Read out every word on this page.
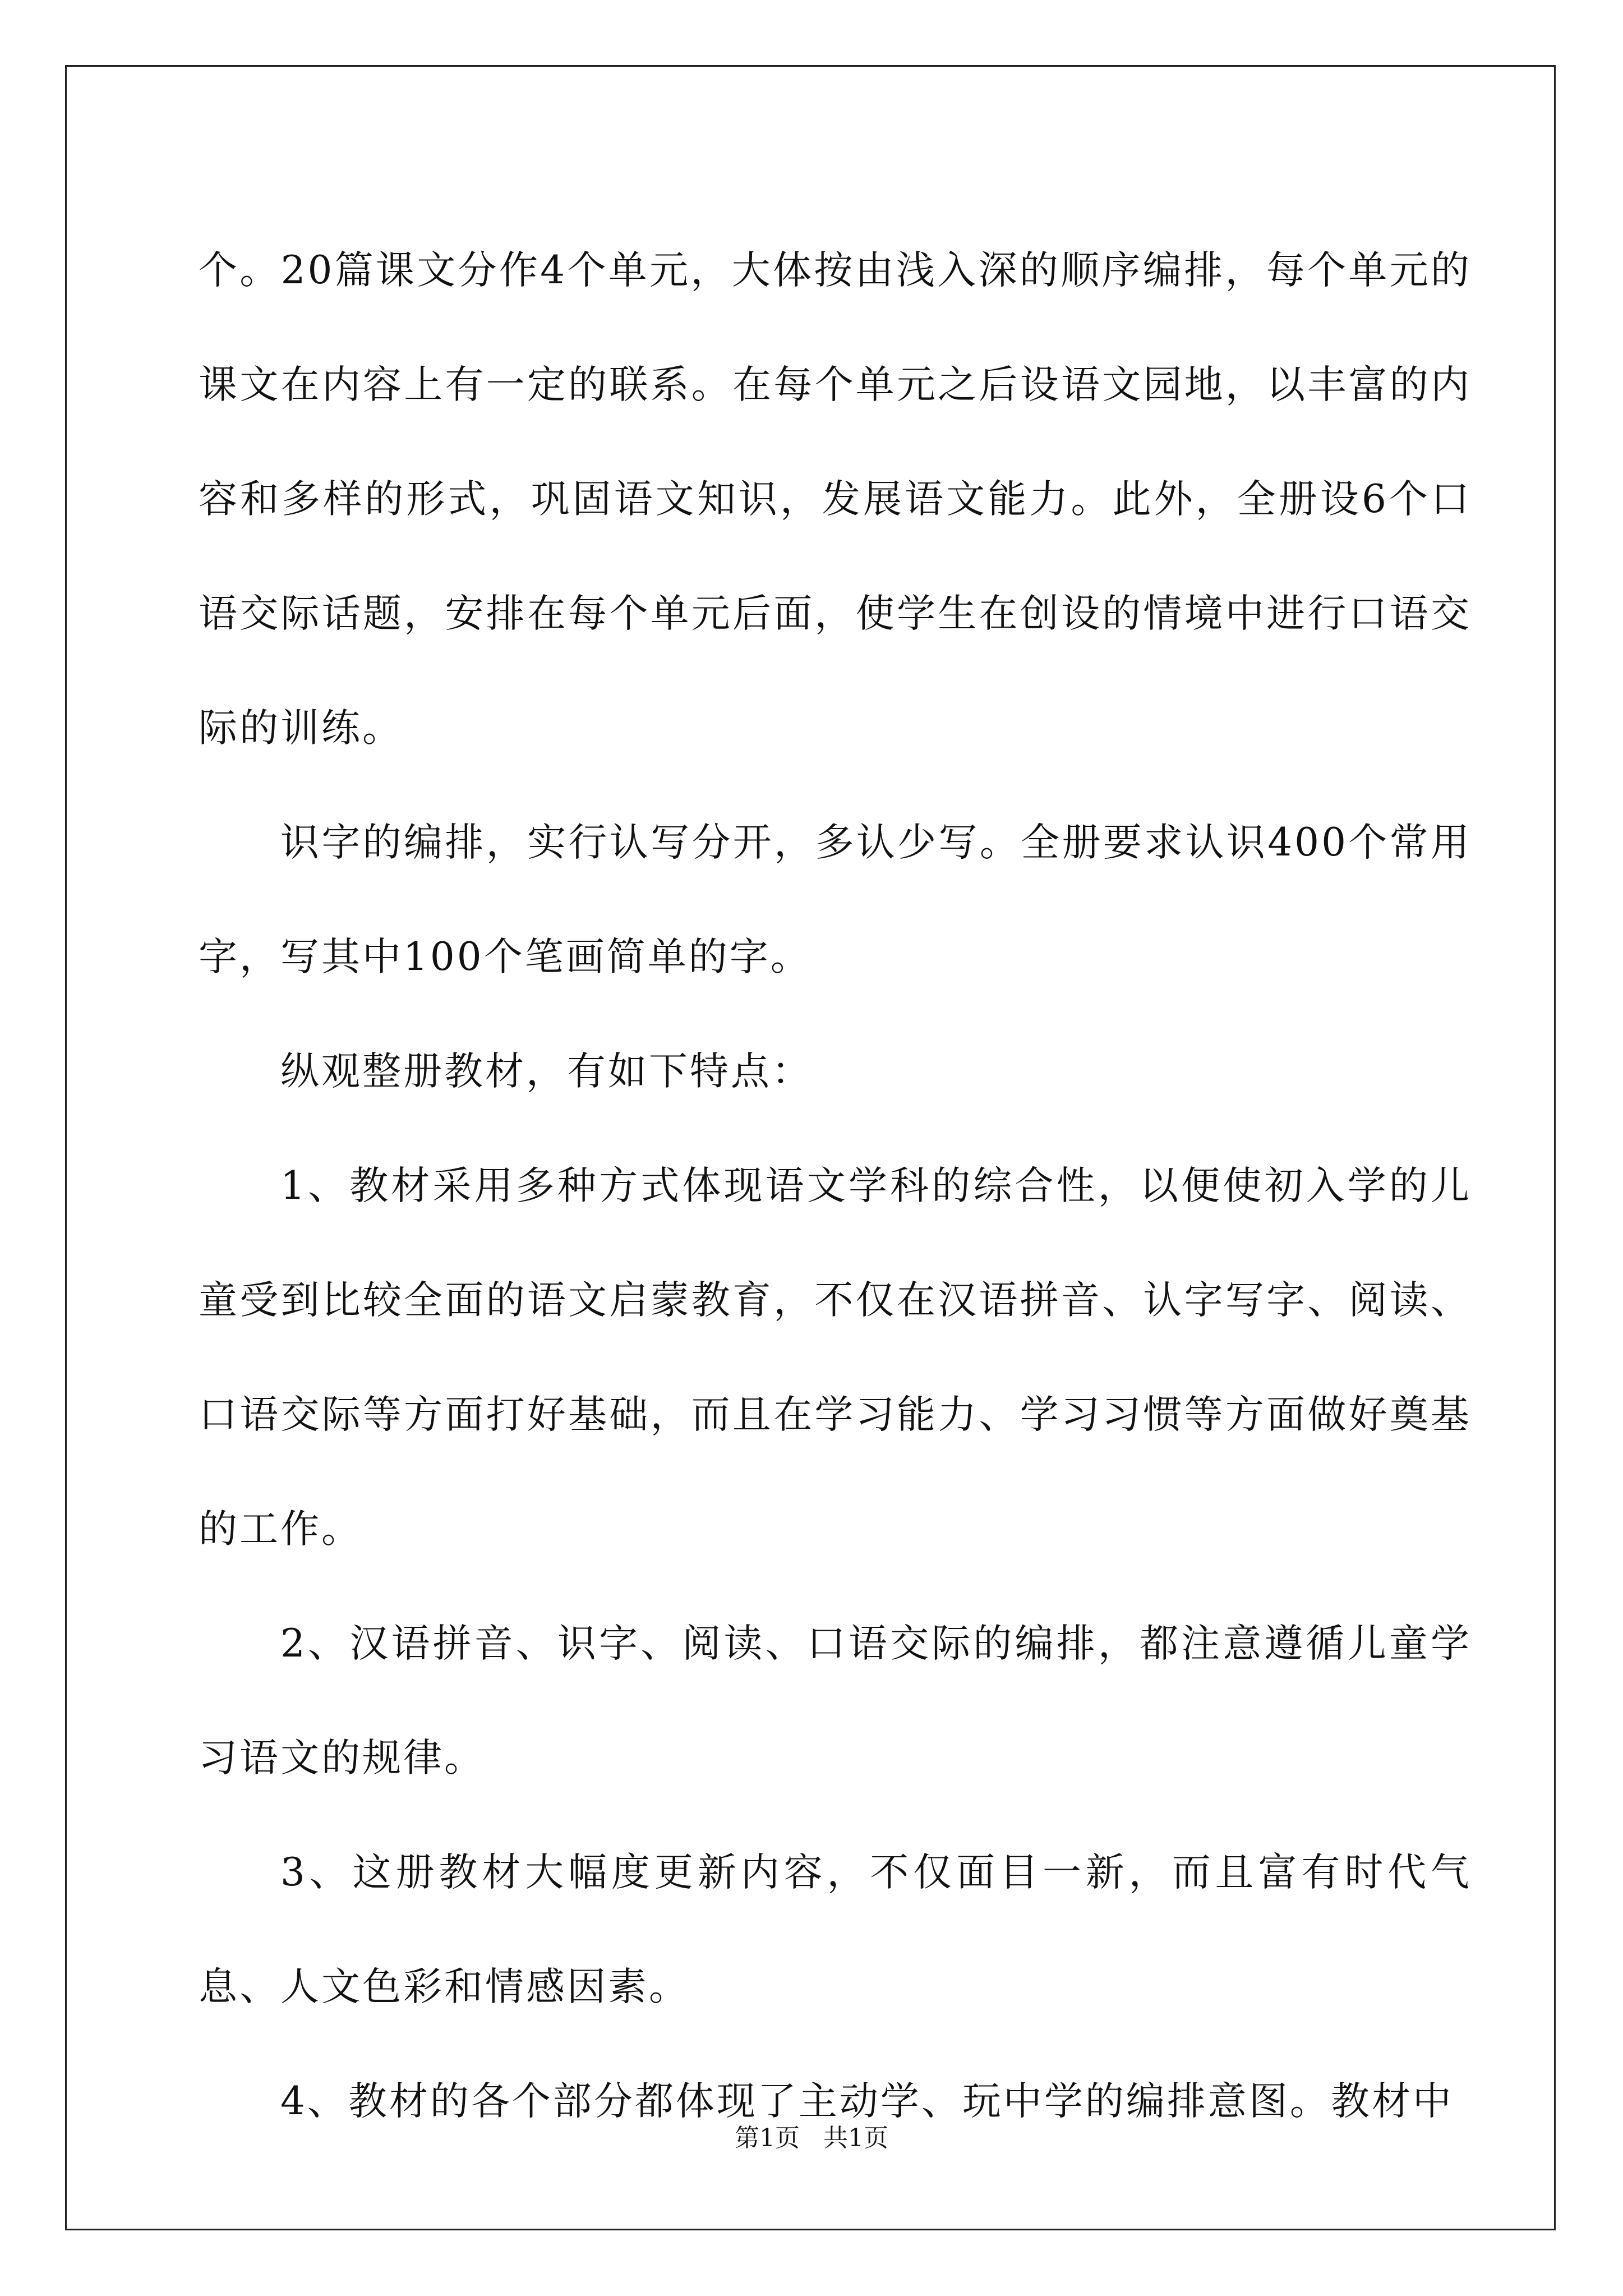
个。20篇课文分作4个单元，大体按由浅入深的顺序编排，每个单元的课文在内容上有一定的联系。在每个单元之后设语文园地，以丰富的内容和多样的形式，巩固语文知识，发展语文能力。此外，全册设6个口语交际话题，安排在每个单元后面，使学生在创设的情境中进行口语交际的训练。

识字的编排，实行认写分开，多认少写。全册要求认识400个常用字，写其中100个笔画简单的字。

纵观整册教材，有如下特点：

1、教材采用多种方式体现语文学科的综合性，以便使初入学的儿童受到比较全面的语文启蒙教育，不仅在汉语拼音、认字写字、阅读、口语交际等方面打好基础，而且在学习能力、学习习惯等方面做好奠基的工作。

2、汉语拼音、识字、阅读、口语交际的编排，都注意遵循儿童学习语文的规律。

3、这册教材大幅度更新内容，不仅面目一新，而且富有时代气息、人文色彩和情感因素。

4、教材的各个部分都体现了主动学、玩中学的编排意图。教材中

第1页 共1页
